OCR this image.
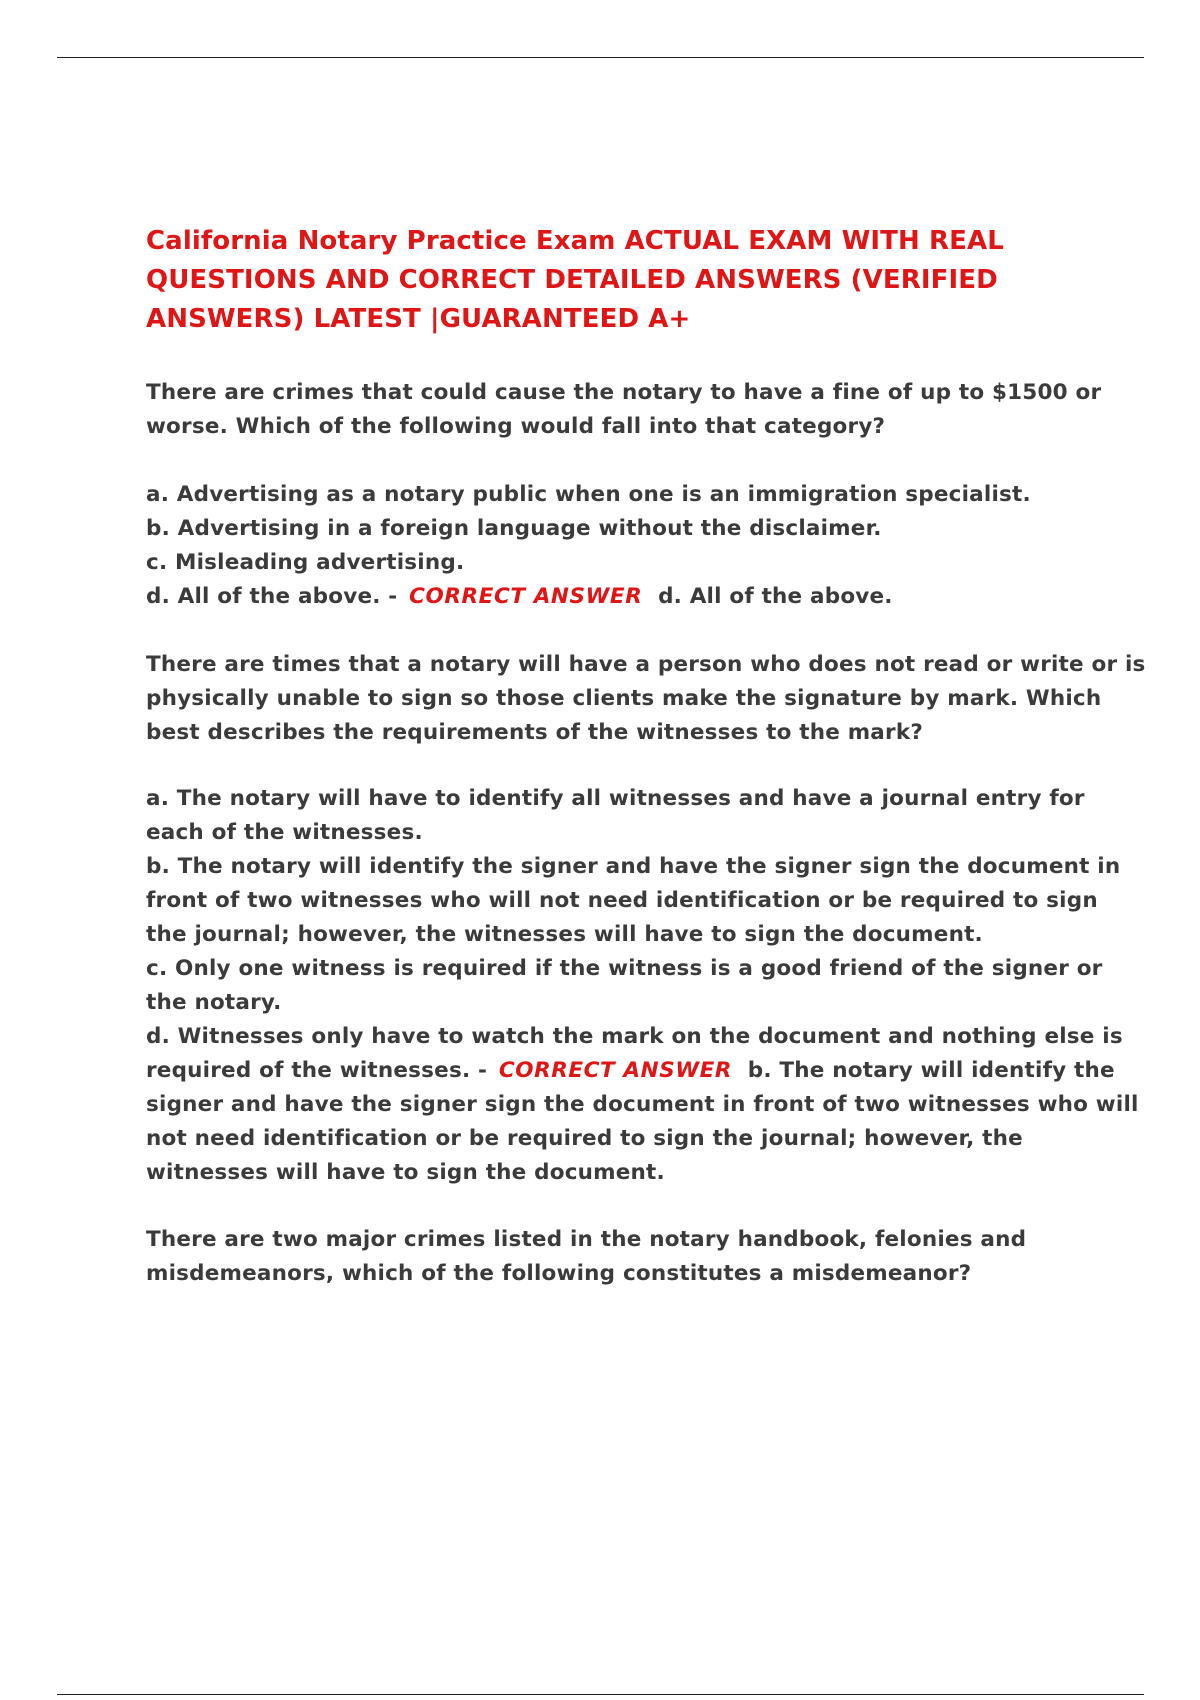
California Notary Practice Exam ACTUAL EXAM WITH REAL QUESTIONS AND CORRECT DETAILED ANSWERS (VERIFIED ANSWERS) LATEST |GUARANTEED A+

There are crimes that could cause the notary to have a fine of up to $1500 or worse. Which of the following would fall into that category?

a. Advertising as a notary public when one is an immigration specialist.

b. Advertising in a foreign language without the disclaimer.

c. Misleading advertising.

d. All of the above. - CORRECT ANSWER d. All of the above.

There are times that a notary will have a person who does not read or write or is physically unable to sign so those clients make the signature by mark. Which best describes the requirements of the witnesses to the mark?

a. The notary will have to identify all witnesses and have a journal entry for each of the witnesses.

b. The notary will identify the signer and have the signer sign the document in front of two witnesses who will not need identification or be required to sign the journal; however, the witnesses will have to sign the document.

c. Only one witness is required if the witness is a good friend of the signer or the notary.

d. Witnesses only have to watch the mark on the document and nothing else is required of the witnesses. - CORRECT ANSWER b. The notary will identify the signer and have the signer sign the document in front of two witnesses who will not need identification or be required to sign the journal; however, the witnesses will have to sign the document.

There are two major crimes listed in the notary handbook, felonies and misdemeanors, which of the following constitutes a misdemeanor?
